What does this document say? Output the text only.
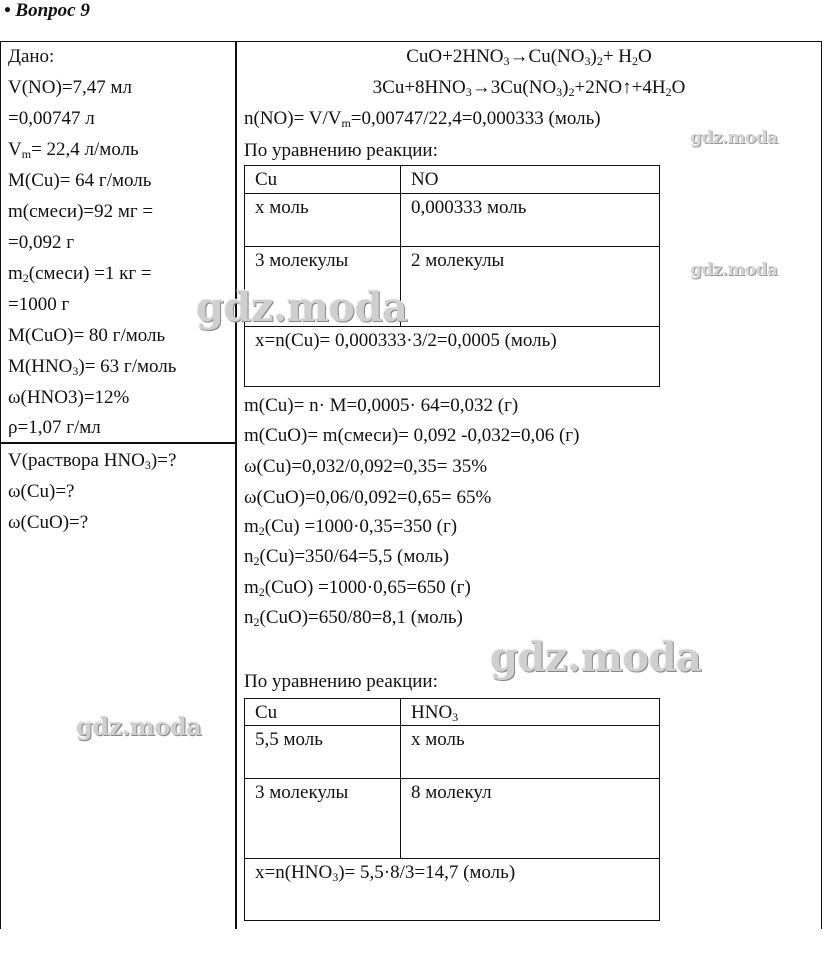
• Вопрос 9
Дано:
V(NO)=7,47 мл
=0,00747 л
$V_m= 22,4$ л/моль
M(Cu)= 64 г/моль
m(смеси)=92 мг =
=0,092 г
$m_2(смеси) =1$ кг =
=1000 г
M(CuO)= 80 г/моль
$M(HNO_3)= 63$ г/моль
ω(HNO3)=12%
ρ=1,07 г/мл
V(раствора $HNO_3)=$?
ω(Cu)=?
ω(CuO)=?
$CuO+2HNO_3\to Cu(NO_3)_2+ H_2O$
$3Cu+8HNO_3\to 3Cu(NO_3)_2+2NO↑+4H_2O$
$n(NO)= V/V_m=0,00747/22,4=0,000333$ (моль)
По уравнению реакции:
Cu	NO
x моль	0,000333 моль
3 молекулы	2 молекулы
x=n(Cu)= 0,000333·3/2=0,0005 (моль)	
m(Cu)= n· M=0,0005· 64=0,032 (г)
m(CuO)= m(смеси)= 0,092 -0,032=0,06 (г)
ω(Cu)=0,032/0,092=0,35= 35%
ω(CuO)=0,06/0,092=0,65= 65%
$m_2(Cu) =1000\cdot 0,35=350$ (г)
$n_2(Cu)=350/64=5,5$ (моль)
$m_2(CuO) =1000\cdot 0,65=650$ (г)
$n_2(CuO)=650/80=8,1$ (моль)
По уравнению реакции:
Cu	$HNO_3$
5,5 моль	x моль
3 молекулы	8 молекул
$x=n(HNO_3)= 5,5\cdot 8/3=14,7$ (моль)	
gdz.moda
gdz.moda
gdz.moda
gdz.moda
gdz.moda
